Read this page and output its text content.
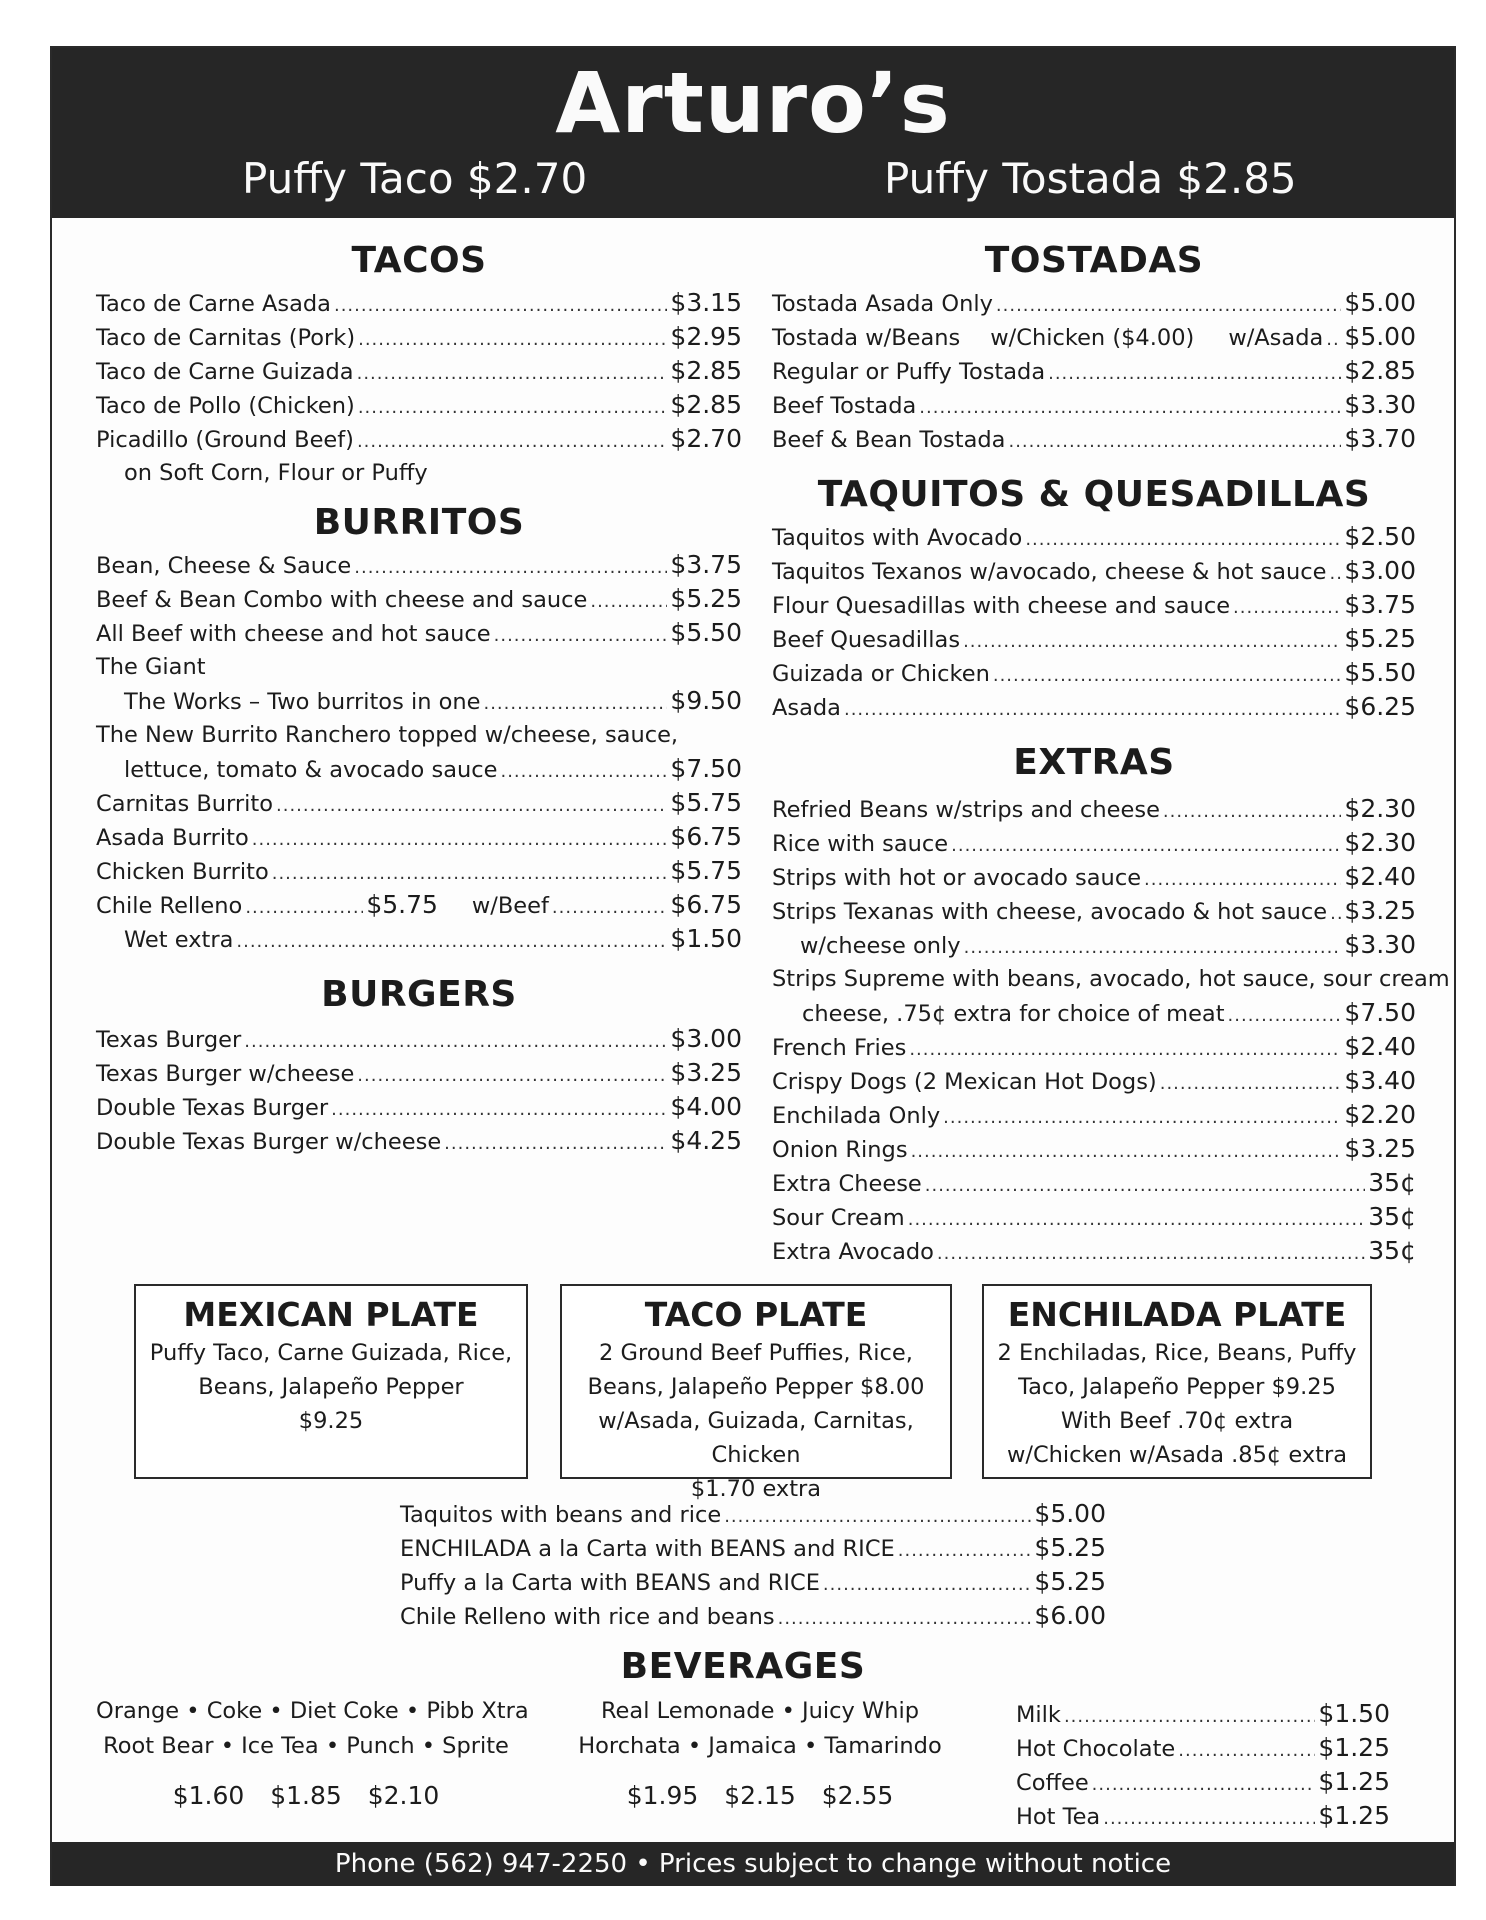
Arturo’s
Puffy Taco $2.70	Puffy Tostada $2.85
TACOS
Taco de Carne Asada .....	$3.15
Taco de Carnitas (Pork) .....	$2.95
Taco de Carne Guizada .....	$2.85
Taco de Pollo (Chicken) .....	$2.85
Picadillo (Ground Beef) .....	$2.70
on Soft Corn, Flour or Puffy
BURRITOS
Bean, Cheese & Sauce .....	$3.75
Beef & Bean Combo with cheese and sauce .....	$5.25
All Beef with cheese and hot sauce .....	$5.50
The Giant
The Works – Two burritos in one .....	$9.50
The New Burrito Ranchero topped w/cheese, sauce,
lettuce, tomato & avocado sauce .....	$7.50
Carnitas Burrito .....	$5.75
Asada Burrito .....	$6.75
Chicken Burrito .....	$5.75
Chile Relleno .....	$5.75 w/Beef .....	$6.75
Wet extra .....	$1.50
BURGERS
Texas Burger .....	$3.00
Texas Burger w/cheese .....	$3.25
Double Texas Burger .....	$4.00
Double Texas Burger w/cheese .....	$4.25
TOSTADAS
Tostada Asada Only .....	$5.00
Tostada w/Beans w/Chicken ($4.00) w/Asada ..... $5.00
Regular or Puffy Tostada .....	$2.85
Beef Tostada .....	$3.30
Beef & Bean Tostada .....	$3.70
TAQUITOS & QUESADILLAS
Taquitos with Avocado .....	$2.50
Taquitos Texanos w/avocado, cheese & hot sauce ..... $3.00
Flour Quesadillas with cheese and sauce .....	$3.75
Beef Quesadillas .....	$5.25
Guizada or Chicken .....	$5.50
Asada .....	$6.25
EXTRAS
Refried Beans w/strips and cheese .....	$2.30
Rice with sauce .....	$2.30
Strips with hot or avocado sauce .....	$2.40
Strips Texanas with cheese, avocado & hot sauce ..... $3.25
w/cheese only .....	$3.30
Strips Supreme with beans, avocado, hot sauce, sour cream
cheese, .75¢ extra for choice of meat .....	$7.50
French Fries .....	$2.40
Crispy Dogs (2 Mexican Hot Dogs) .....	$3.40
Enchilada Only .....	$2.20
Onion Rings .....	$3.25
Extra Cheese .....	35¢
Sour Cream .....	35¢
Extra Avocado .....	35¢
MEXICAN PLATE
Puffy Taco, Carne Guizada, Rice,
Beans, Jalapeño Pepper
$9.25
TACO PLATE
2 Ground Beef Puffies, Rice,
Beans, Jalapeño Pepper $8.00
w/Asada, Guizada, Carnitas, Chicken
$1.70 extra
ENCHILADA PLATE
2 Enchiladas, Rice, Beans, Puffy
Taco, Jalapeño Pepper $9.25
With Beef .70¢ extra
w/Chicken w/Asada .85¢ extra
Taquitos with beans and rice .....	$5.00
ENCHILADA a la Carta with BEANS and RICE .....	$5.25
Puffy a la Carta with BEANS and RICE .....	$5.25
Chile Relleno with rice and beans .....	$6.00
BEVERAGES
Orange • Coke • Diet Coke • Pibb Xtra
Root Bear • Ice Tea • Punch • Sprite
$1.60 $1.85 $2.10
Real Lemonade • Juicy Whip
Horchata • Jamaica • Tamarindo
$1.95 $2.15 $2.55
Milk .....	$1.50
Hot Chocolate .....	$1.25
Coffee .....	$1.25
Hot Tea .....	$1.25
Phone (562) 947-2250 • Prices subject to change without notice
